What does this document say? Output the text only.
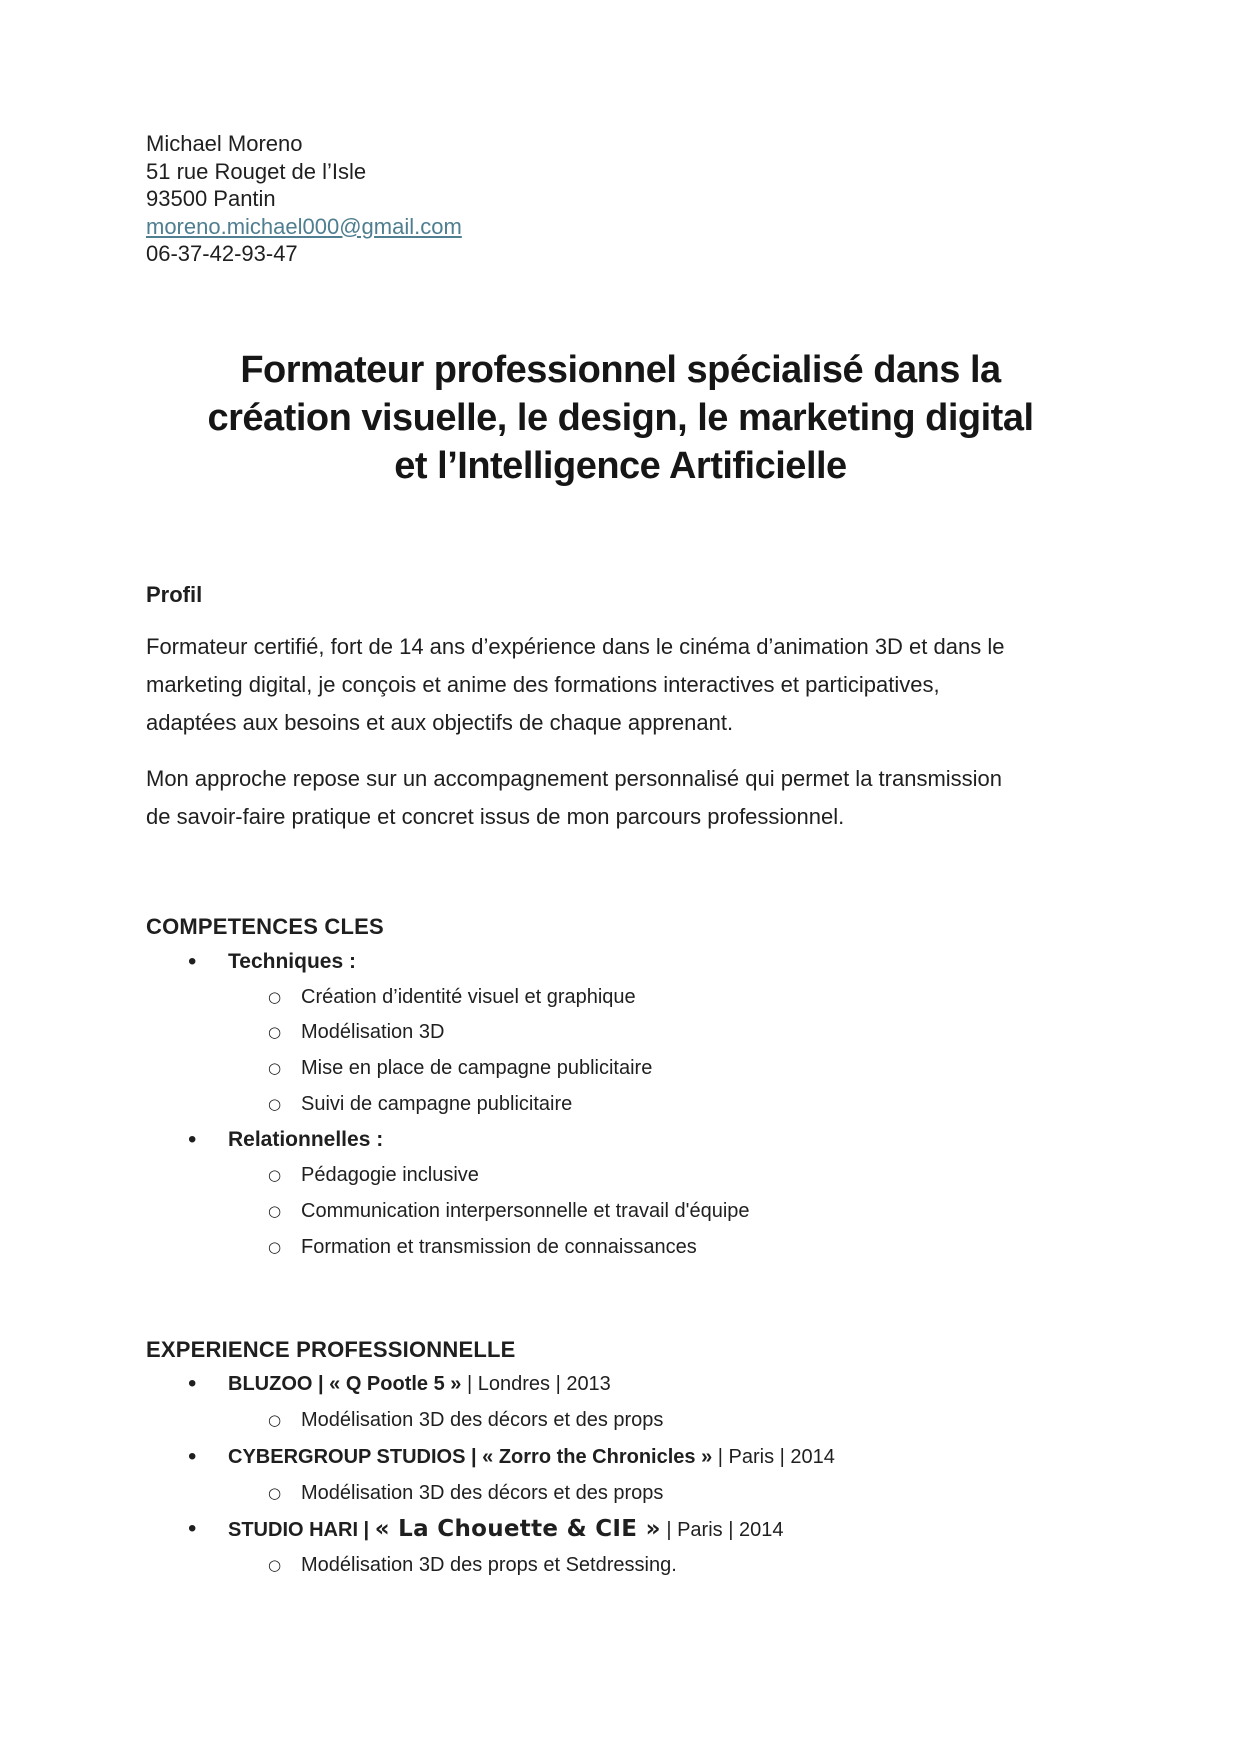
Michael Moreno
51 rue Rouget de l’Isle
93500 Pantin
moreno.michael000@gmail.com
06-37-42-93-47
Formateur professionnel spécialisé dans la
création visuelle, le design, le marketing digital
et l’Intelligence Artificielle
Profil

Formateur certifié, fort de 14 ans d’expérience dans le cinéma d’animation 3D et dans le marketing digital, je conçois et anime des formations interactives et participatives, adaptées aux besoins et aux objectifs de chaque apprenant.

Mon approche repose sur un accompagnement personnalisé qui permet la transmission de savoir-faire pratique et concret issus de mon parcours professionnel.

COMPETENCES CLES
• Techniques :
○ Création d’identité visuel et graphique
○ Modélisation 3D
○ Mise en place de campagne publicitaire
○ Suivi de campagne publicitaire
• Relationnelles :
○ Pédagogie inclusive
○ Communication interpersonnelle et travail d'équipe
○ Formation et transmission de connaissances
EXPERIENCE PROFESSIONNELLE
• BLUZOO | « Q Pootle 5 » | Londres | 2013
○ Modélisation 3D des décors et des props
• CYBERGROUP STUDIOS | « Zorro the Chronicles » | Paris | 2014
○ Modélisation 3D des décors et des props
• STUDIO HARI | « La Chouette & CIE » | Paris | 2014
○ Modélisation 3D des props et Setdressing.
